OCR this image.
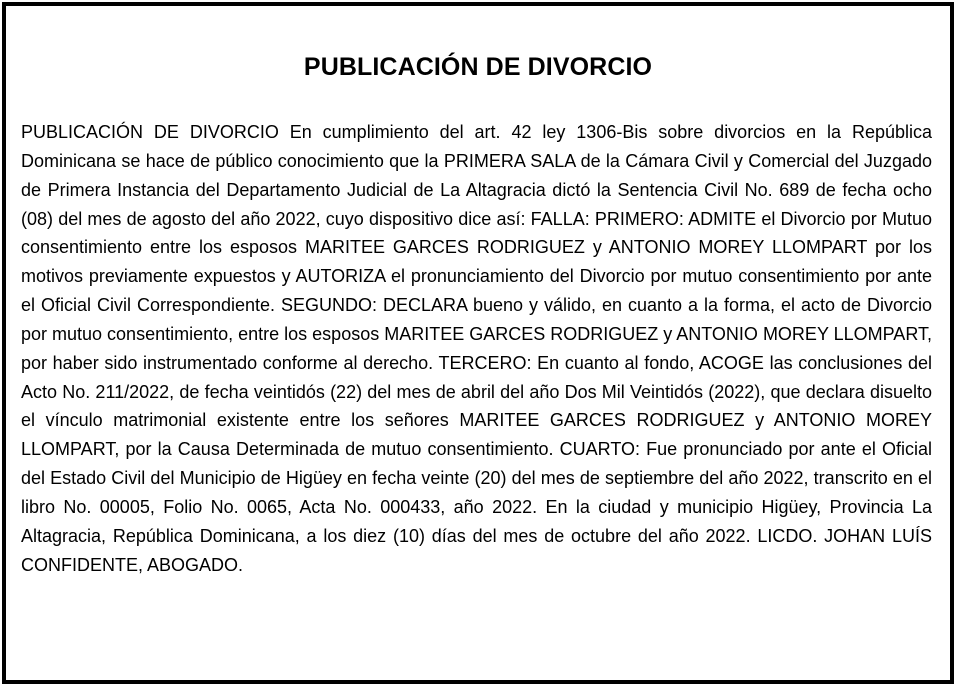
PUBLICACIÓN DE DIVORCIO

PUBLICACIÓN DE DIVORCIO En cumplimiento del art. 42 ley 1306-Bis sobre divorcios en la República Dominicana se hace de público conocimiento que la PRIMERA SALA de la Cámara Civil y Comercial del Juzgado de Primera Instancia del Departamento Judicial de La Altagracia dictó la Sentencia Civil No. 689 de fecha ocho (08) del mes de agosto del año 2022, cuyo dispositivo dice así: FALLA: PRIMERO: ADMITE el Divorcio por Mutuo consentimiento entre los esposos MARITEE GARCES RODRIGUEZ y ANTONIO MOREY LLOMPART por los motivos previamente expuestos y AUTORIZA el pronunciamiento del Divorcio por mutuo consentimiento por ante el Oficial Civil Correspondiente. SEGUNDO: DECLARA bueno y válido, en cuanto a la forma, el acto de Divorcio por mutuo consentimiento, entre los esposos MARITEE GARCES RODRIGUEZ y ANTONIO MOREY LLOMPART, por haber sido instrumentado conforme al derecho. TERCERO: En cuanto al fondo, ACOGE las conclusiones del Acto No. 211/2022, de fecha veintidós (22) del mes de abril del año Dos Mil Veintidós (2022), que declara disuelto el vínculo matrimonial existente entre los señores MARITEE GARCES RODRIGUEZ y ANTONIO MOREY LLOMPART, por la Causa Determinada de mutuo consentimiento. CUARTO: Fue pronunciado por ante el Oficial del Estado Civil del Municipio de Higüey en fecha veinte (20) del mes de septiembre del año 2022, transcrito en el libro No. 00005, Folio No. 0065, Acta No. 000433, año 2022. En la ciudad y municipio Higüey, Provincia La Altagracia, República Dominicana, a los diez (10) días del mes de octubre del año 2022. LICDO. JOHAN LUÍS CONFIDENTE, ABOGADO.
